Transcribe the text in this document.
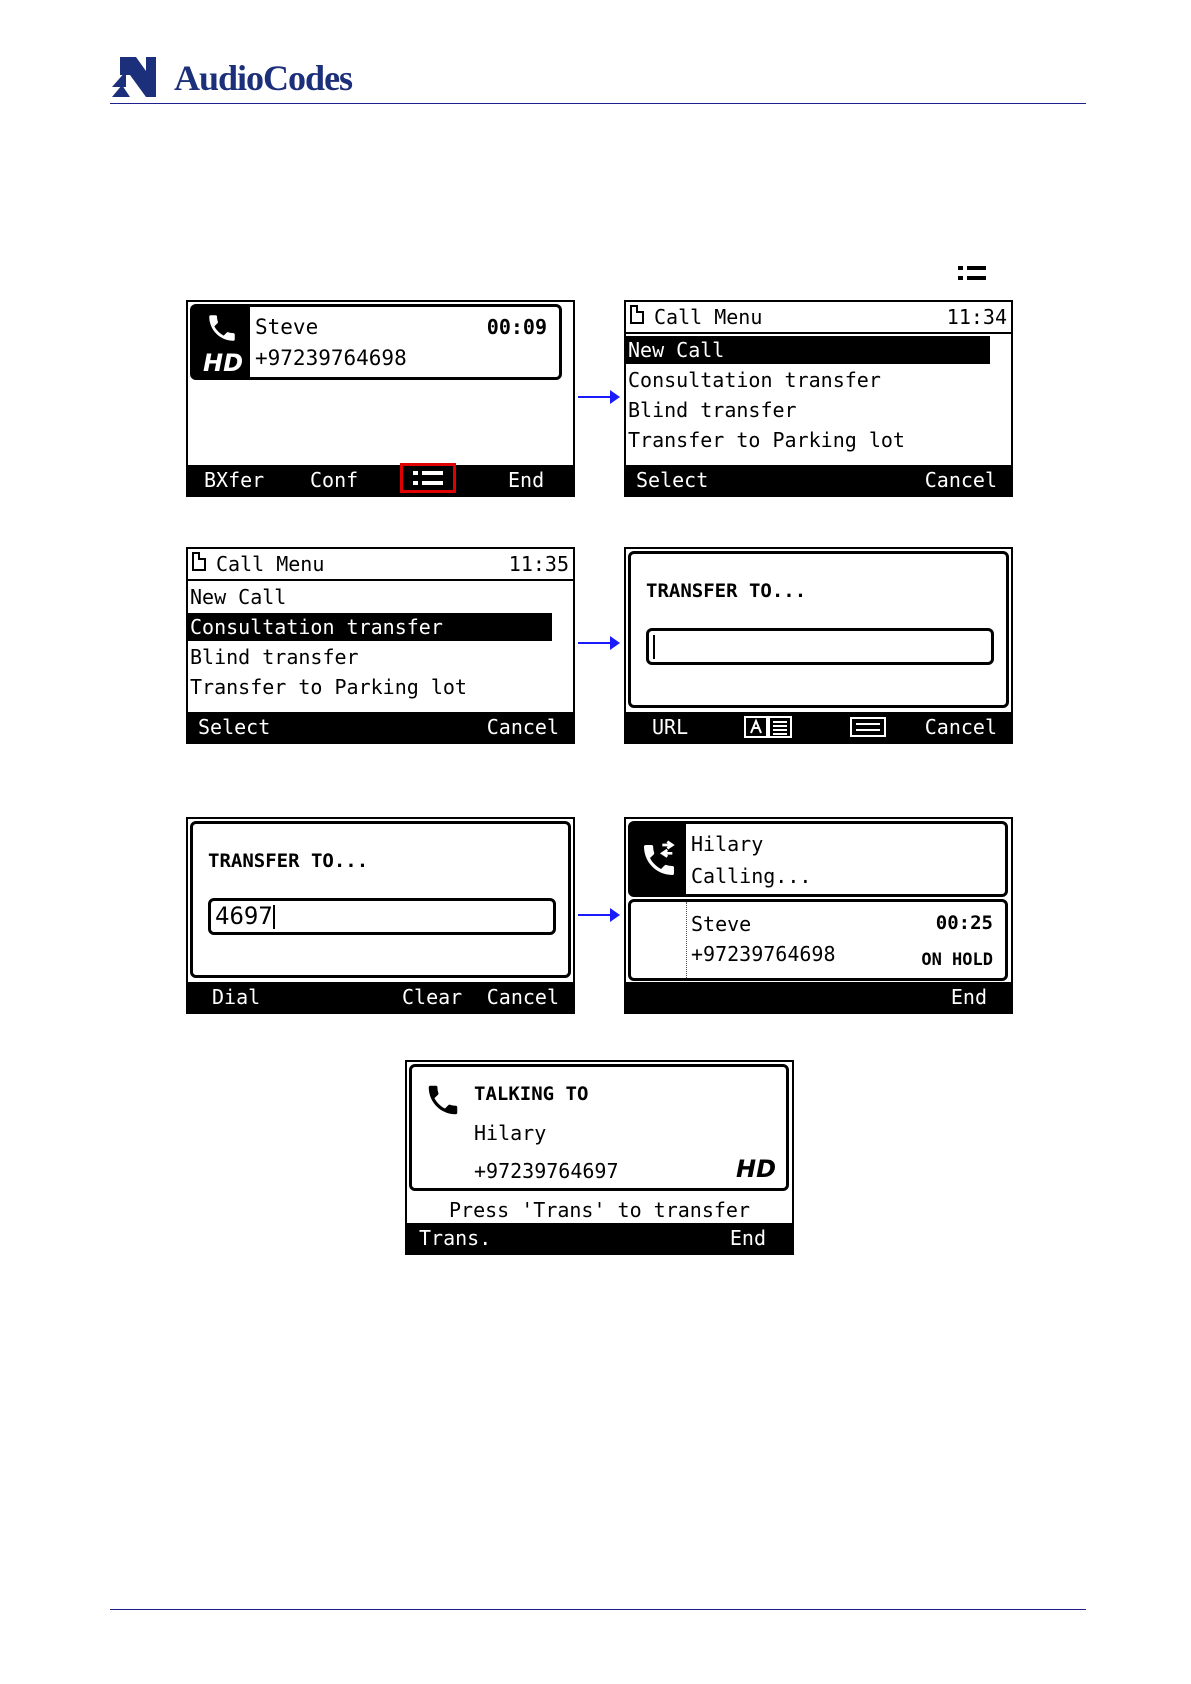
AudioCodes
HD
Steve	00:09
+97239764698
BXfer Conf	End
Call Menu	11:34
New Call
Consultation transfer
Blind transfer
Transfer to Parking lot
Select	Cancel
Call Menu	11:35
New Call
Consultation transfer
Blind transfer
Transfer to Parking lot
Select	Cancel
TRANSFER TO...
URL	Cancel
TRANSFER TO...
4697
Dial	Clear Cancel
Hilary
Calling...
Steve	00:25
+97239764698	ON HOLD
End
TALKING TO
Hilary
+97239764697	HD
Press 'Trans' to transfer
Trans.	End
